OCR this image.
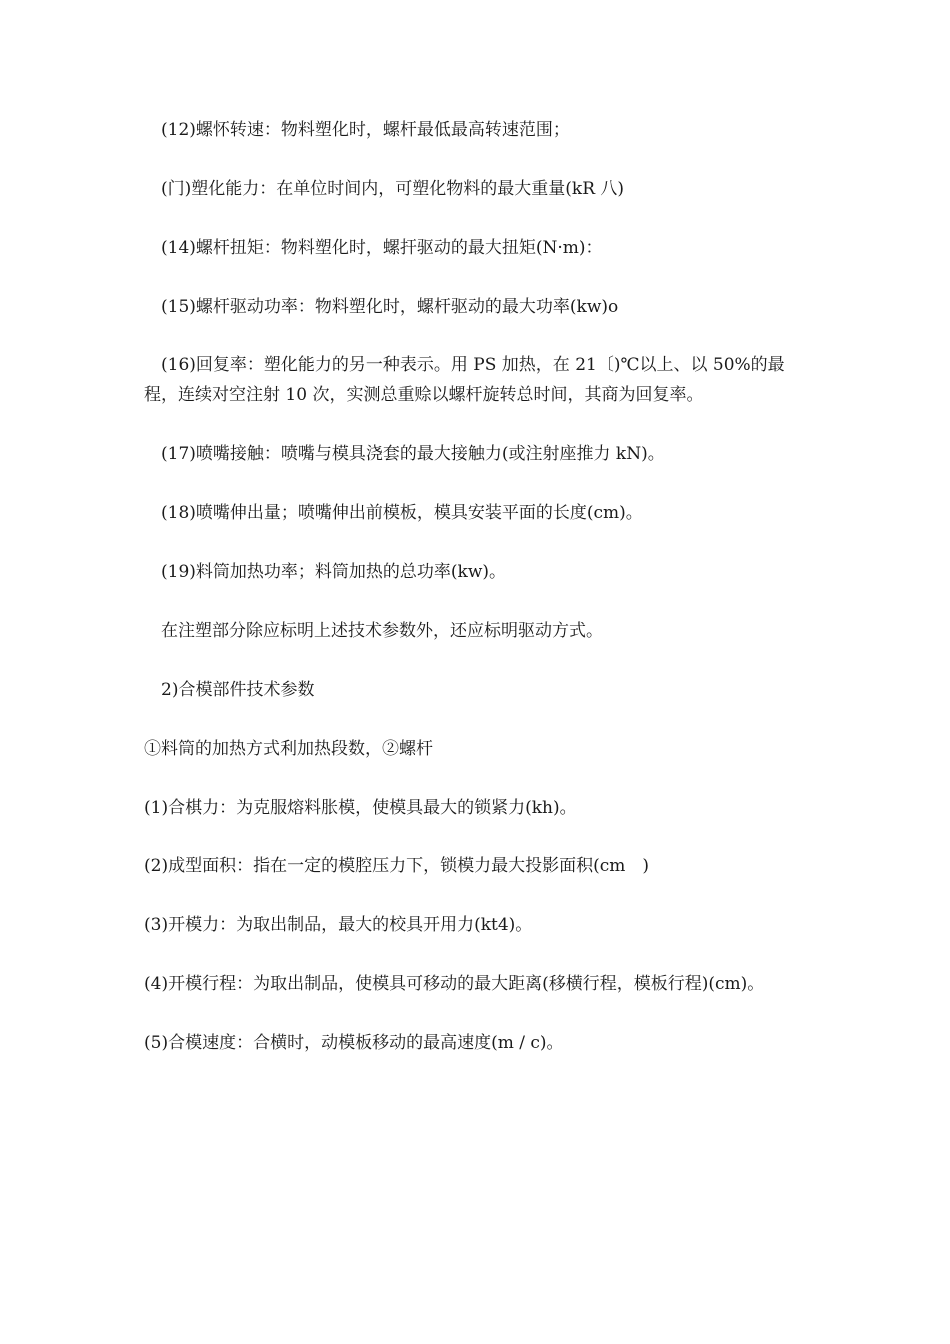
(12)螺怀转速：物料塑化时，螺杆最低最高转速范围；
(门)塑化能力：在单位时间内，可塑化物料的最大重量(kR 八)
(14)螺杆扭矩：物料塑化时，螺扞驱动的最大扭矩(N·m)：
(15)螺杆驱动功率：物料塑化时，螺杆驱动的最大功率(kw)o
(16)回复率：塑化能力的另一种表示。用 PS 加热，在 21〔)℃以上、以 50%的最程，连续对空注射 10 次，实测总重赊以螺杆旋转总时间，其商为回复率。
(17)喷嘴接触：喷嘴与模具浇套的最大接触力(或注射座推力 kN)。
(18)喷嘴伸出量；喷嘴伸出前模板，模具安装平面的长度(cm)。
(19)料筒加热功率；料筒加热的总功率(kw)。
在注塑部分除应标明上述技术参数外，还应标明驱动方式。
2)合模部件技术参数
①料筒的加热方式利加热段数，②螺杆
(1)合棋力：为克服熔料胀模，使模具最大的锁紧力(kh)。
(2)成型面积：指在一定的模腔压力下，锁模力最大投影面积(cm　)
(3)开模力：为取出制品，最大的校具开用力(kt4)。
(4)开模行程：为取出制品，使模具可移动的最大距离(移横行程，模板行程)(cm)。
(5)合模速度：合横时，动模板移动的最高速度(m / c)。
